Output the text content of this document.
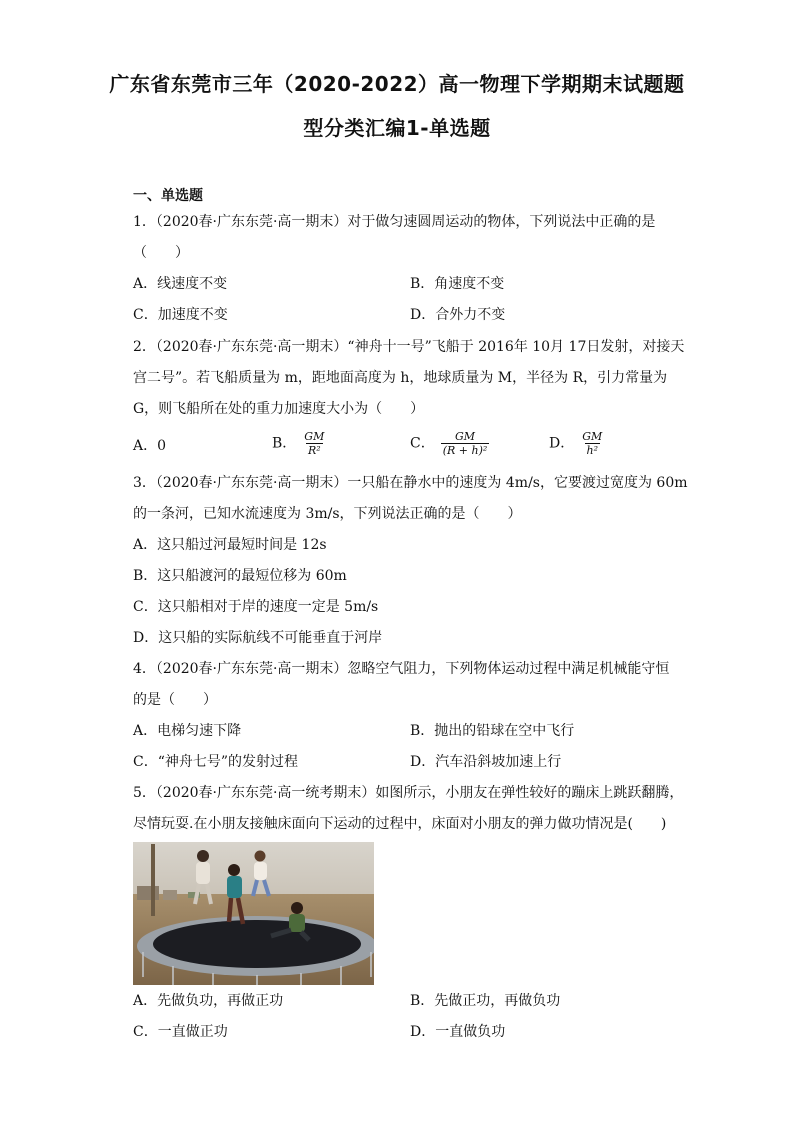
广东省东莞市三年（2020-2022）高一物理下学期期末试题题
型分类汇编1-单选题
一、单选题
1．（2020春·广东东莞·高一期末）对于做匀速圆周运动的物体，下列说法中正确的是
（　　）
A．线速度不变	B．角速度不变
C．加速度不变	D．合外力不变
2．（2020春·广东东莞·高一期末）“神舟十一号”飞船于 2016年 10月 17日发射，对接天
宫二号”。若飞船质量为 m，距地面高度为 h，地球质量为 M，半径为 R，引力常量为
G，则飞船所在处的重力加速度大小为（　　）
A．0	B． $\frac{GM}{\text{R²}}$	C． $\frac{GM}{\text{(R + h)²}}$	D． $\frac{GM}{\text{h²}}$
3．（2020春·广东东莞·高一期末）一只船在静水中的速度为 4m/s，它要渡过宽度为 60m
的一条河，已知水流速度为 3m/s，下列说法正确的是（　　）
A．这只船过河最短时间是 12s
B．这只船渡河的最短位移为 60m
C．这只船相对于岸的速度一定是 5m/s
D．这只船的实际航线不可能垂直于河岸
4．（2020春·广东东莞·高一期末）忽略空气阻力，下列物体运动过程中满足机械能守恒
的是（　　）
A．电梯匀速下降	B．抛出的铅球在空中飞行
C．“神舟七号”的发射过程	D．汽车沿斜坡加速上行
5．（2020春·广东东莞·高一统考期末）如图所示，小朋友在弹性较好的蹦床上跳跃翻腾，
尽情玩耍.在小朋友接触床面向下运动的过程中，床面对小朋友的弹力做功情况是(　　)
A．先做负功，再做正功	B．先做正功，再做负功
C．一直做正功	D．一直做负功
